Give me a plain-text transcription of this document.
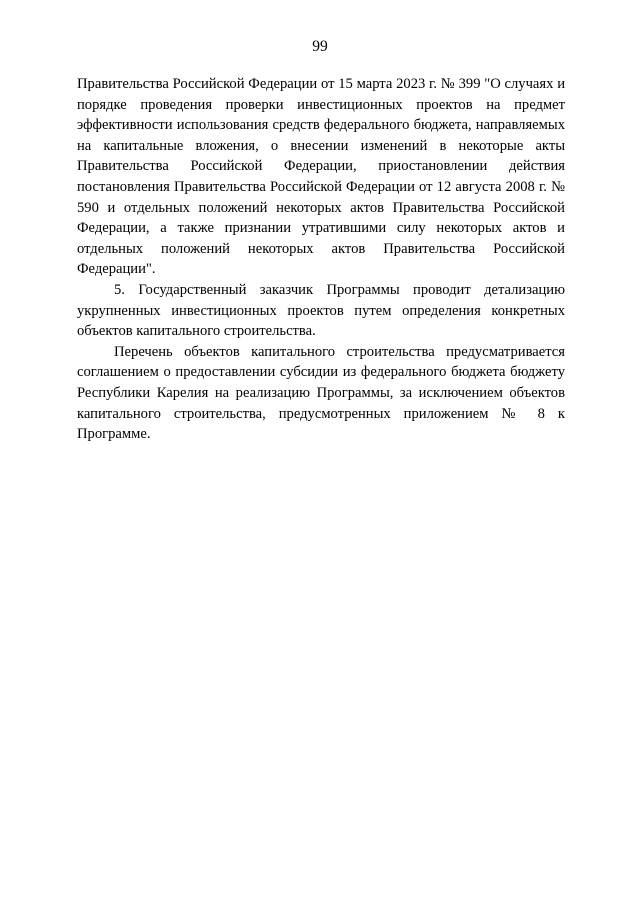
99

Правительства Российской Федерации от 15 марта 2023 г. № 399 "О случаях и порядке проведения проверки инвестиционных проектов на предмет эффективности использования средств федерального бюджета, направляемых на капитальные вложения, о внесении изменений в некоторые акты Правительства Российской Федерации, приостановлении действия постановления Правительства Российской Федерации от 12 августа 2008 г. № 590 и отдельных положений некоторых актов Правительства Российской Федерации, а также признании утратившими силу некоторых актов и отдельных положений некоторых актов Правительства Российской Федерации".

5. Государственный заказчик Программы проводит детализацию укрупненных инвестиционных проектов путем определения конкретных объектов капитального строительства.

Перечень объектов капитального строительства предусматривается соглашением о предоставлении субсидии из федерального бюджета бюджету Республики Карелия на реализацию Программы, за исключением объектов капитального строительства, предусмотренных приложением № 8 к Программе.
